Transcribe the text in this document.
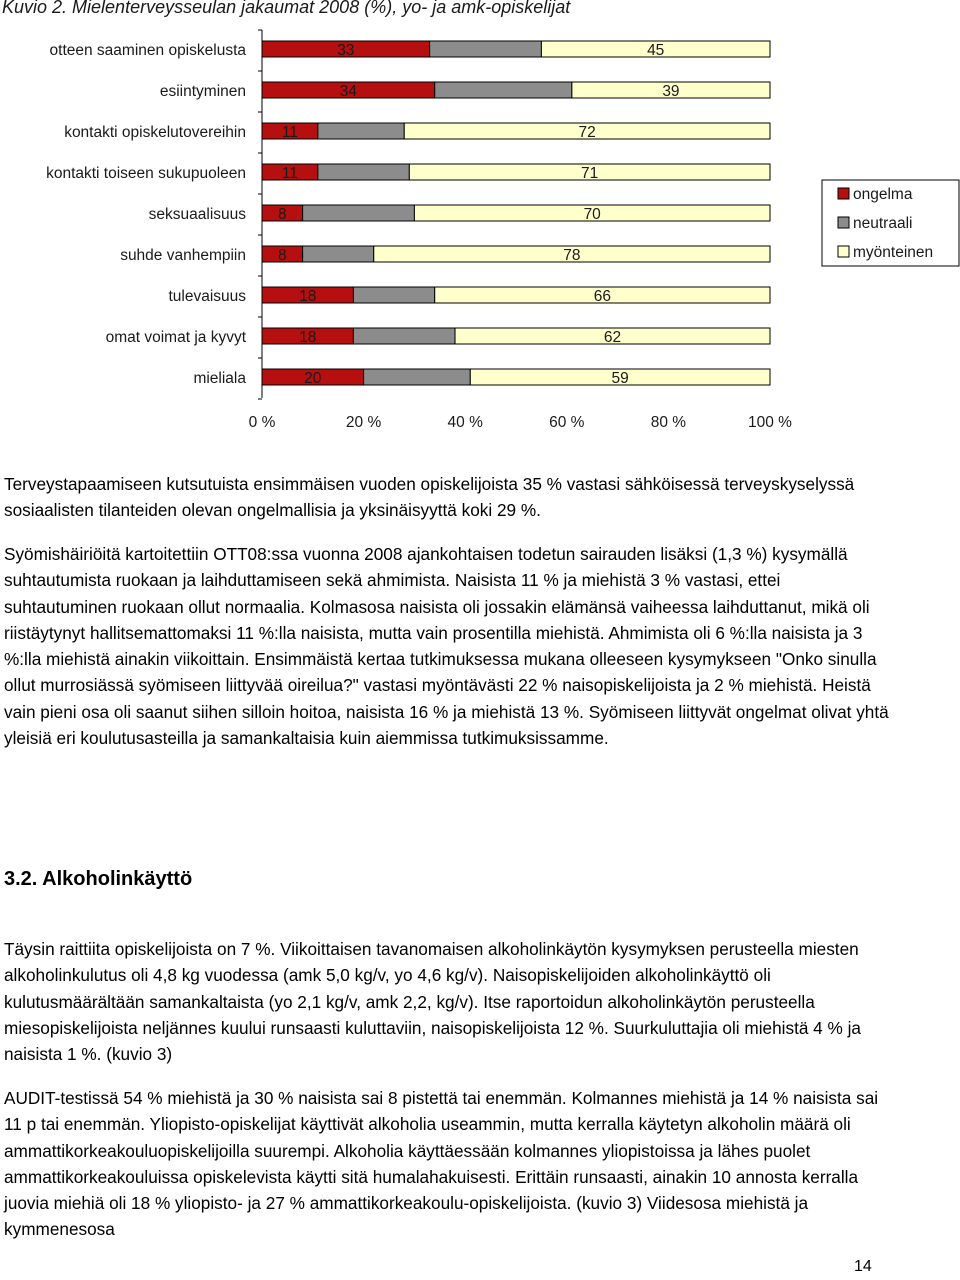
Kuvio 2. Mielenterveysseulan jakaumat 2008 (%), yo- ja amk-opiskelijat
otteen saaminen opiskelusta	33	45
esiintyminen	34	39
kontakti opiskelutovereihin 11	72
kontakti toiseen sukupuoleen 11	71
seksuaalisuus 8	70
suhde vanhempiin 8	78
tulevaisuus	18	66
omat voimat ja kyvyt	18	62
mieliala	20	59
0 %	20 %	40 %	60 %	80 %	100 %
ongelma
neutraali
myönteinen

Terveystapaamiseen kutsutuista ensimmäisen vuoden opiskelijoista 35 % vastasi sähköisessä terveyskyselyssä sosiaalisten tilanteiden olevan ongelmallisia ja yksinäisyyttä koki 29 %.

Syömishäiriöitä kartoitettiin OTT08:ssa vuonna 2008 ajankohtaisen todetun sairauden lisäksi (1,3 %) kysymällä suhtautumista ruokaan ja laihduttamiseen sekä ahmimista. Naisista 11 % ja miehistä 3 % vastasi, ettei suhtautuminen ruokaan ollut normaalia. Kolmasosa naisista oli jossakin elämänsä vaiheessa laihduttanut, mikä oli riistäytynyt hallitsemattomaksi 11 %:lla naisista, mutta vain prosentilla miehistä. Ahmimista oli 6 %:lla naisista ja 3 %:lla miehistä ainakin viikoittain. Ensimmäistä kertaa tutkimuksessa mukana olleeseen kysymykseen "Onko sinulla ollut murrosiässä syömiseen liittyvää oireilua?" vastasi myöntävästi 22 % naisopiskelijoista ja 2 % miehistä. Heistä vain pieni osa oli saanut siihen silloin hoitoa, naisista 16 % ja miehistä 13 %. Syömiseen liittyvät ongelmat olivat yhtä yleisiä eri koulutusasteilla ja samankaltaisia kuin aiemmissa tutkimuksissamme.

3.2. Alkoholinkäyttö

Täysin raittiita opiskelijoista on 7 %. Viikoittaisen tavanomaisen alkoholinkäytön kysymyksen perusteella miesten alkoholinkulutus oli 4,8 kg vuodessa (amk 5,0 kg/v, yo 4,6 kg/v). Naisopiskelijoiden alkoholinkäyttö oli kulutusmäärältään samankaltaista (yo 2,1 kg/v, amk 2,2, kg/v). Itse raportoidun alkoholinkäytön perusteella miesopiskelijoista neljännes kuului runsaasti kuluttaviin, naisopiskelijoista 12 %. Suurkuluttajia oli miehistä 4 % ja naisista 1 %. (kuvio 3)

AUDIT-testissä 54 % miehistä ja 30 % naisista sai 8 pistettä tai enemmän. Kolmannes miehistä ja 14 % naisista sai 11 p tai enemmän. Yliopisto-opiskelijat käyttivät alkoholia useammin, mutta kerralla käytetyn alkoholin määrä oli ammattikorkeakouluopiskelijoilla suurempi. Alkoholia käyttäessään kolmannes yliopistoissa ja lähes puolet ammattikorkeakouluissa opiskelevista käytti sitä humalahakuisesti. Erittäin runsaasti, ainakin 10 annosta kerralla juovia miehiä oli 18 % yliopisto- ja 27 % ammattikorkeakoulu-opiskelijoista. (kuvio 3) Viidesosa miehistä ja kymmenesosa

14
